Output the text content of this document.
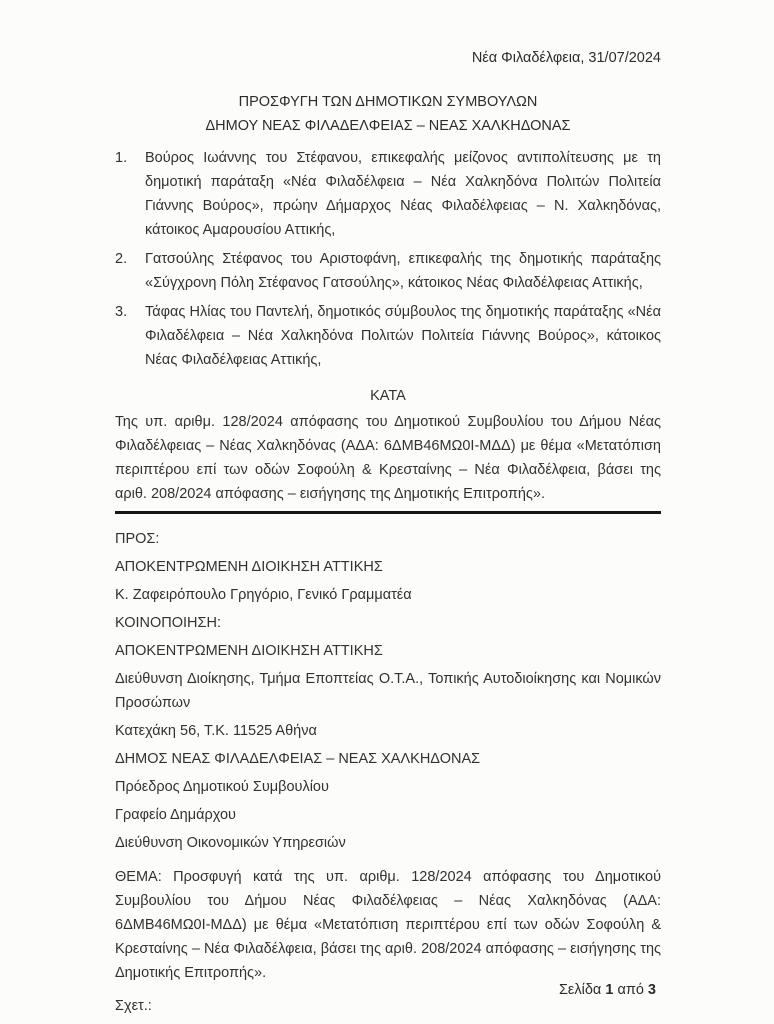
Νέα Φιλαδέλφεια, 31/07/2024
ΠΡΟΣΦΥΓΗ ΤΩΝ ΔΗΜΟΤΙΚΩΝ ΣΥΜΒΟΥΛΩΝ
ΔΗΜΟΥ ΝΕΑΣ ΦΙΛΑΔΕΛΦΕΙΑΣ – ΝΕΑΣ ΧΑΛΚΗΔΟΝΑΣ
1.	Βούρος Ιωάννης του Στέφανου, επικεφαλής μείζονος αντιπολίτευσης με τη δημοτική παράταξη «Νέα Φιλαδέλφεια – Νέα Χαλκηδόνα Πολιτών Πολιτεία Γιάννης Βούρος», πρώην Δήμαρχος Νέας Φιλαδέλφειας – Ν. Χαλκηδόνας, κάτοικος Αμαρουσίου Αττικής,
2.	Γατσούλης Στέφανος του Αριστοφάνη, επικεφαλής της δημοτικής παράταξης «Σύγχρονη Πόλη Στέφανος Γατσούλης», κάτοικος Νέας Φιλαδέλφειας Αττικής,
3.	Τάφας Ηλίας του Παντελή, δημοτικός σύμβουλος της δημοτικής παράταξης «Νέα Φιλαδέλφεια – Νέα Χαλκηδόνα Πολιτών Πολιτεία Γιάννης Βούρος», κάτοικος Νέας Φιλαδέλφειας Αττικής,
ΚΑΤΑ
Της υπ. αριθμ. 128/2024 απόφασης του Δημοτικού Συμβουλίου του Δήμου Νέας Φιλαδέλφειας – Νέας Χαλκηδόνας (ΑΔΑ: 6ΔΜΒ46ΜΩ0Ι-ΜΔΔ) με θέμα «Μετατόπιση περιπτέρου επί των οδών Σοφούλη & Κρεσταίνης – Νέα Φιλαδέλφεια, βάσει της αριθ. 208/2024 απόφασης – εισήγησης της Δημοτικής Επιτροπής».

ΠΡΟΣ:

ΑΠΟΚΕΝΤΡΩΜΕΝΗ ΔΙΟΙΚΗΣΗ ΑΤΤΙΚΗΣ

Κ. Ζαφειρόπουλο Γρηγόριο, Γενικό Γραμματέα

ΚΟΙΝΟΠΟΙΗΣΗ:

ΑΠΟΚΕΝΤΡΩΜΕΝΗ ΔΙΟΙΚΗΣΗ ΑΤΤΙΚΗΣ

Διεύθυνση Διοίκησης, Τμήμα Εποπτείας Ο.Τ.Α., Τοπικής Αυτοδιοίκησης και Νομικών Προσώπων

Κατεχάκη 56, Τ.Κ. 11525 Αθήνα

ΔΗΜΟΣ ΝΕΑΣ ΦΙΛΑΔΕΛΦΕΙΑΣ – ΝΕΑΣ ΧΑΛΚΗΔΟΝΑΣ

Πρόεδρος Δημοτικού Συμβουλίου

Γραφείο Δημάρχου

Διεύθυνση Οικονομικών Υπηρεσιών

ΘΕΜΑ: Προσφυγή κατά της υπ. αριθμ. 128/2024 απόφασης του Δημοτικού Συμβουλίου του Δήμου Νέας Φιλαδέλφειας – Νέας Χαλκηδόνας (ΑΔΑ: 6ΔΜΒ46ΜΩ0Ι-ΜΔΔ) με θέμα «Μετατόπιση περιπτέρου επί των οδών Σοφούλη & Κρεσταίνης – Νέα Φιλαδέλφεια, βάσει της αριθ. 208/2024 απόφασης – εισήγησης της Δημοτικής Επιτροπής».
Σχετ.:
Σελίδα 1 από 3
